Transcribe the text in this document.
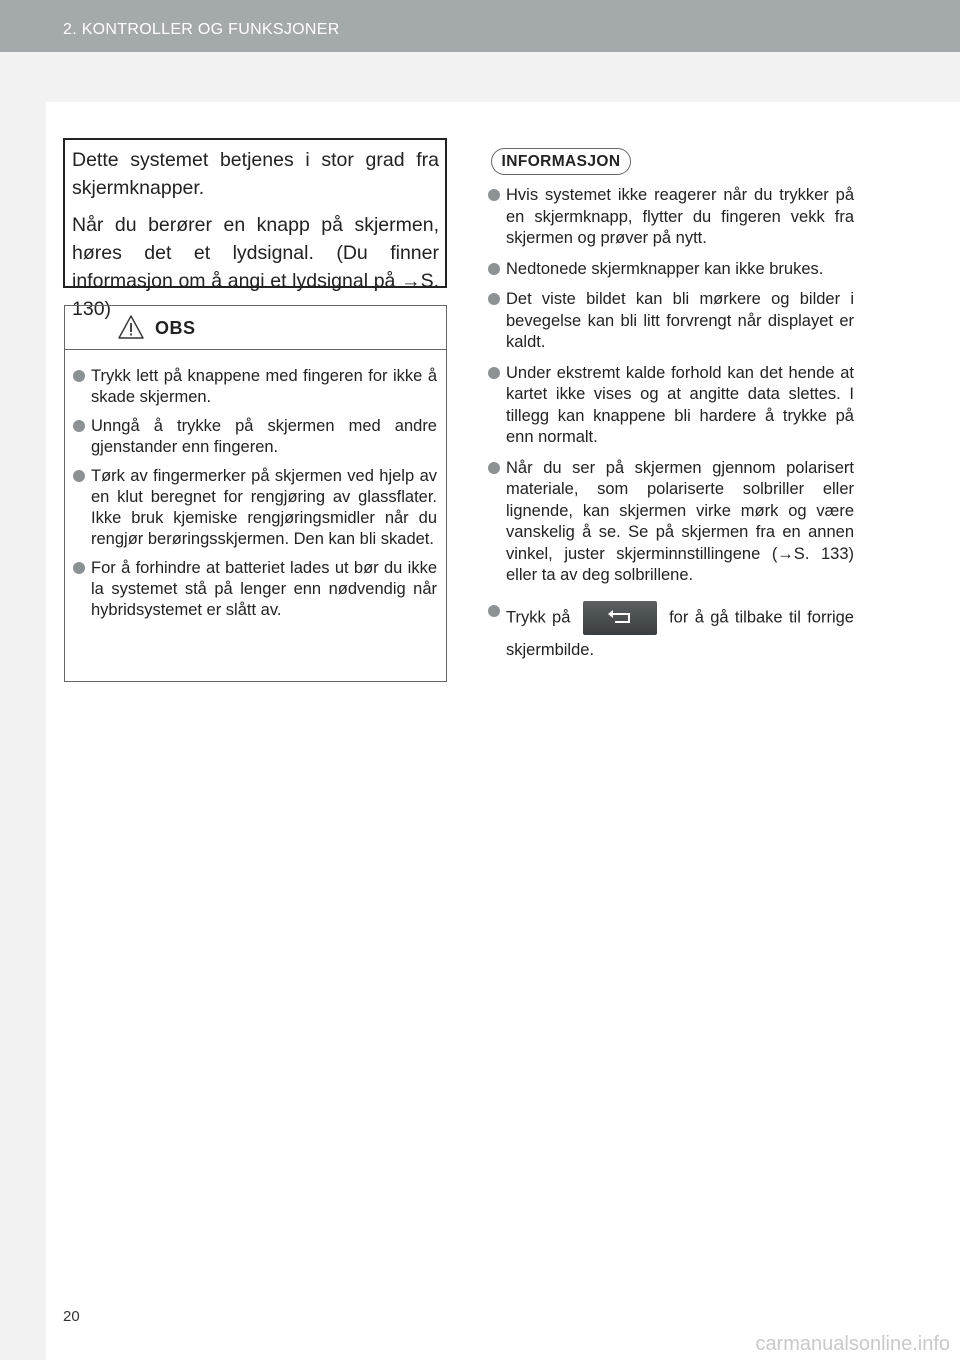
2. KONTROLLER OG FUNKSJONER

Dette systemet betjenes i stor grad fra skjermknapper.

Når du berører en knapp på skjermen, høres det et lydsignal. (Du finner informasjon om å angi et lydsignal på →S. 130)

OBS
Trykk lett på knappene med fingeren for ikke å skade skjermen.
Unngå å trykke på skjermen med andre gjenstander enn fingeren.
Tørk av fingermerker på skjermen ved hjelp av en klut beregnet for rengjøring av glassflater. Ikke bruk kjemiske rengjøringsmidler når du rengjør berøringsskjermen. Den kan bli skadet.
For å forhindre at batteriet lades ut bør du ikke la systemet stå på lenger enn nødvendig når hybridsystemet er slått av.
INFORMASJON
Hvis systemet ikke reagerer når du trykker på en skjermknapp, flytter du fingeren vekk fra skjermen og prøver på nytt.
Nedtonede skjermknapper kan ikke brukes.
Det viste bildet kan bli mørkere og bilder i bevegelse kan bli litt forvrengt når displayet er kaldt.
Under ekstremt kalde forhold kan det hende at kartet ikke vises og at angitte data slettes. I tillegg kan knappene bli hardere å trykke på enn normalt.
Når du ser på skjermen gjennom polarisert materiale, som polariserte solbriller eller lignende, kan skjermen virke mørk og være vanskelig å se. Se på skjermen fra en annen vinkel, juster skjerminnstillingene (→S. 133) eller ta av deg solbrillene.
Trykk på	for å gå tilbake til forrige skjermbilde.
20
carmanualsonline.info
